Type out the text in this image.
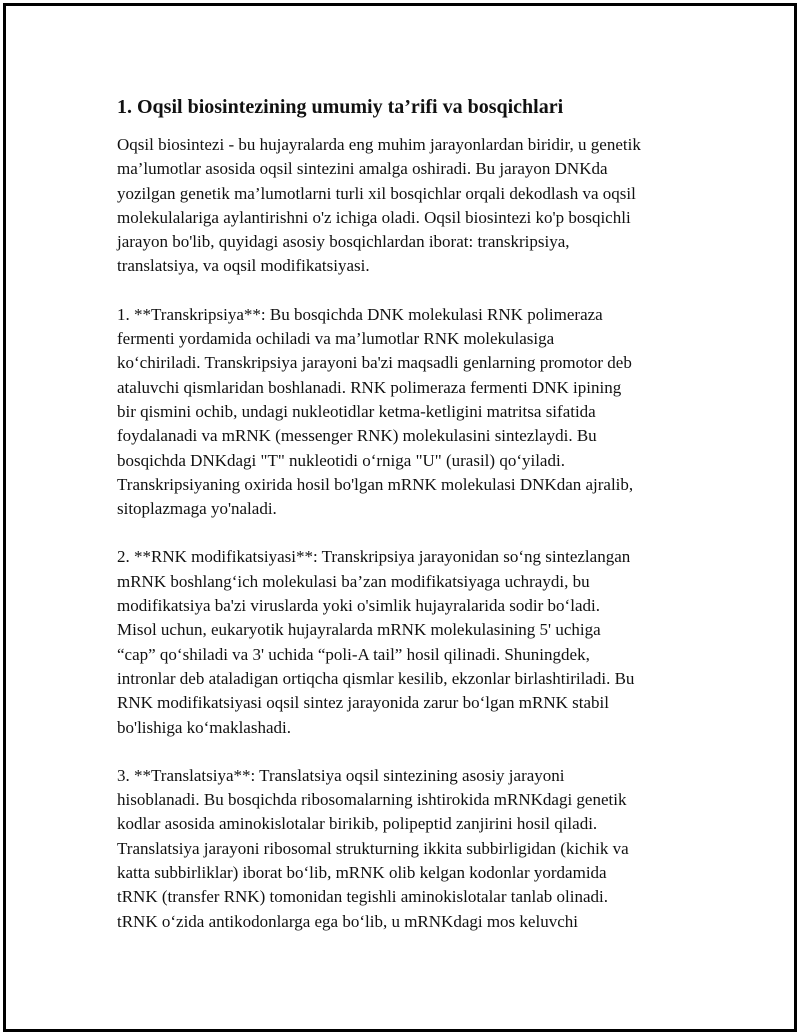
1. Oqsil biosintezining umumiy ta’rifi va bosqichlari

Oqsil biosintezi - bu hujayralarda eng muhim jarayonlardan biridir, u genetik
ma’lumotlar asosida oqsil sintezini amalga oshiradi. Bu jarayon DNKda
yozilgan genetik ma’lumotlarni turli xil bosqichlar orqali dekodlash va oqsil
molekulalariga aylantirishni o'z ichiga oladi. Oqsil biosintezi ko'p bosqichli
jarayon bo'lib, quyidagi asosiy bosqichlardan iborat: transkripsiya,
translatsiya, va oqsil modifikatsiyasi.

1. **Transkripsiya**: Bu bosqichda DNK molekulasi RNK polimeraza
fermenti yordamida ochiladi va ma’lumotlar RNK molekulasiga
ko‘chiriladi. Transkripsiya jarayoni ba'zi maqsadli genlarning promotor deb
ataluvchi qismlaridan boshlanadi. RNK polimeraza fermenti DNK ipining
bir qismini ochib, undagi nukleotidlar ketma-ketligini matritsa sifatida
foydalanadi va mRNK (messenger RNK) molekulasini sintezlaydi. Bu
bosqichda DNKdagi "T" nukleotidi o‘rniga "U" (urasil) qo‘yiladi.
Transkripsiyaning oxirida hosil bo'lgan mRNK molekulasi DNKdan ajralib,
sitoplazmaga yo'naladi.

2. **RNK modifikatsiyasi**: Transkripsiya jarayonidan so‘ng sintezlangan
mRNK boshlang‘ich molekulasi ba’zan modifikatsiyaga uchraydi, bu
modifikatsiya ba'zi viruslarda yoki o'simlik hujayralarida sodir bo‘ladi.
Misol uchun, eukaryotik hujayralarda mRNK molekulasining 5' uchiga
“cap” qo‘shiladi va 3' uchida “poli-A tail” hosil qilinadi. Shuningdek,
intronlar deb ataladigan ortiqcha qismlar kesilib, ekzonlar birlashtiriladi. Bu
RNK modifikatsiyasi oqsil sintez jarayonida zarur bo‘lgan mRNK stabil
bo'lishiga ko‘maklashadi.

3. **Translatsiya**: Translatsiya oqsil sintezining asosiy jarayoni
hisoblanadi. Bu bosqichda ribosomalarning ishtirokida mRNKdagi genetik
kodlar asosida aminokislotalar birikib, polipeptid zanjirini hosil qiladi.
Translatsiya jarayoni ribosomal strukturning ikkita subbirligidan (kichik va
katta subbirliklar) iborat bo‘lib, mRNK olib kelgan kodonlar yordamida
tRNK (transfer RNK) tomonidan tegishli aminokislotalar tanlab olinadi.
tRNK o‘zida antikodonlarga ega bo‘lib, u mRNKdagi mos keluvchi
